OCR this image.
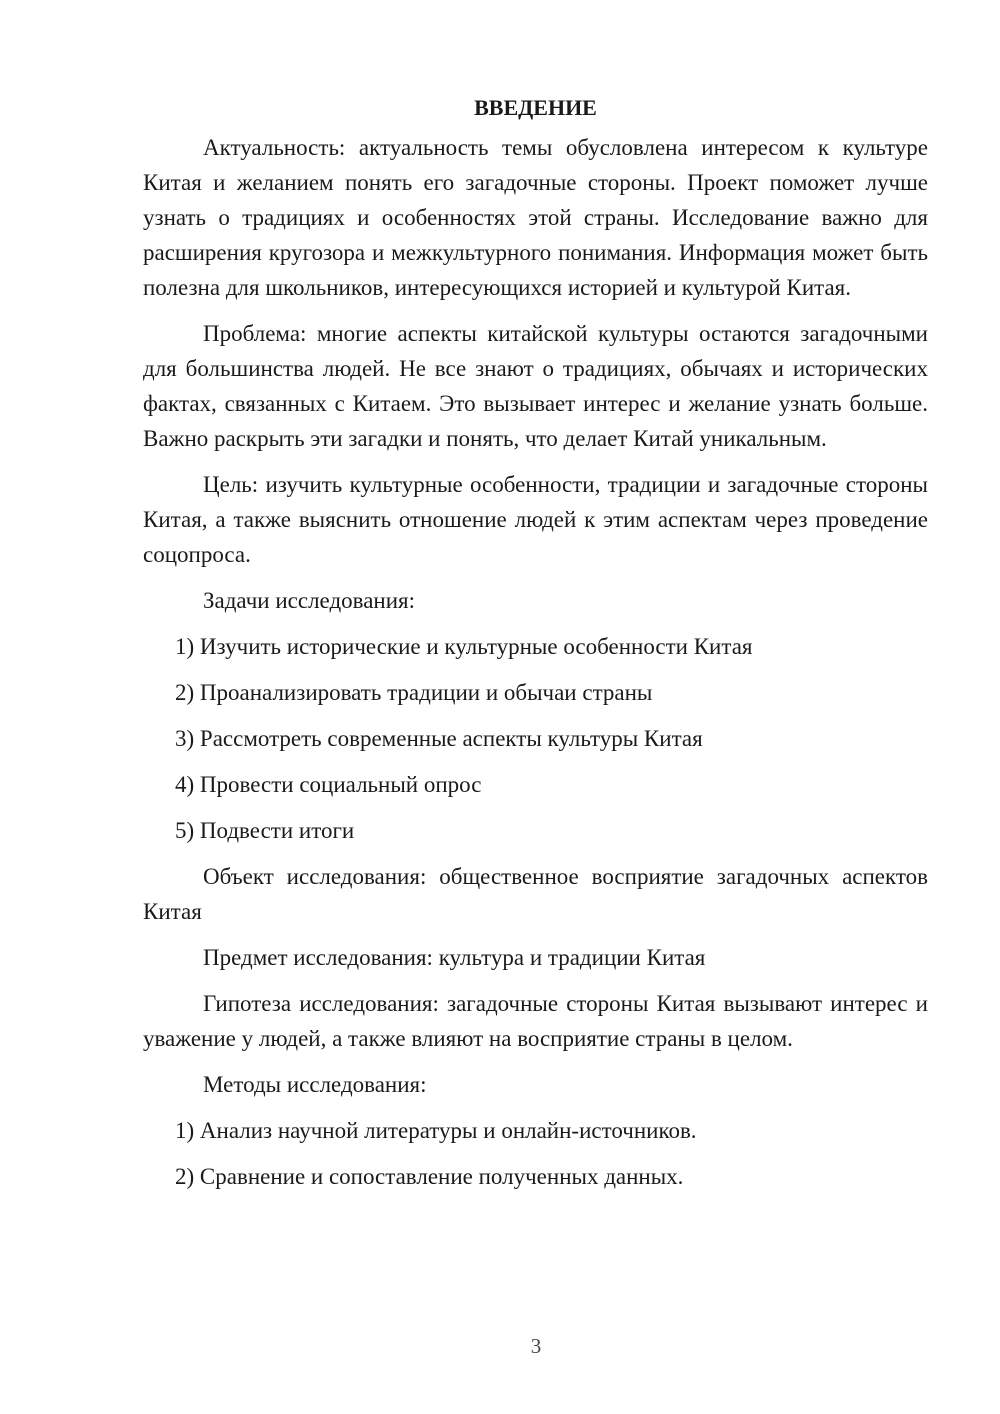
ВВЕДЕНИЕ
Актуальность: актуальность темы обусловлена интересом к культуре Китая и желанием понять его загадочные стороны. Проект поможет лучше узнать о традициях и особенностях этой страны. Исследование важно для расширения кругозора и межкультурного понимания. Информация может быть полезна для школьников, интересующихся историей и культурой Китая.
Проблема: многие аспекты китайской культуры остаются загадочными для большинства людей. Не все знают о традициях, обычаях и исторических фактах, связанных с Китаем. Это вызывает интерес и желание узнать больше. Важно раскрыть эти загадки и понять, что делает Китай уникальным.
Цель: изучить культурные особенности, традиции и загадочные стороны Китая, а также выяснить отношение людей к этим аспектам через проведение соцопроса.
Задачи исследования:
1) Изучить исторические и культурные особенности Китая
2) Проанализировать традиции и обычаи страны
3) Рассмотреть современные аспекты культуры Китая
4) Провести социальный опрос
5) Подвести итоги
Объект исследования: общественное восприятие загадочных аспектов Китая
Предмет исследования: культура и традиции Китая
Гипотеза исследования: загадочные стороны Китая вызывают интерес и уважение у людей, а также влияют на восприятие страны в целом.
Методы исследования:
1) Анализ научной литературы и онлайн-источников.
2) Сравнение и сопоставление полученных данных.
3
